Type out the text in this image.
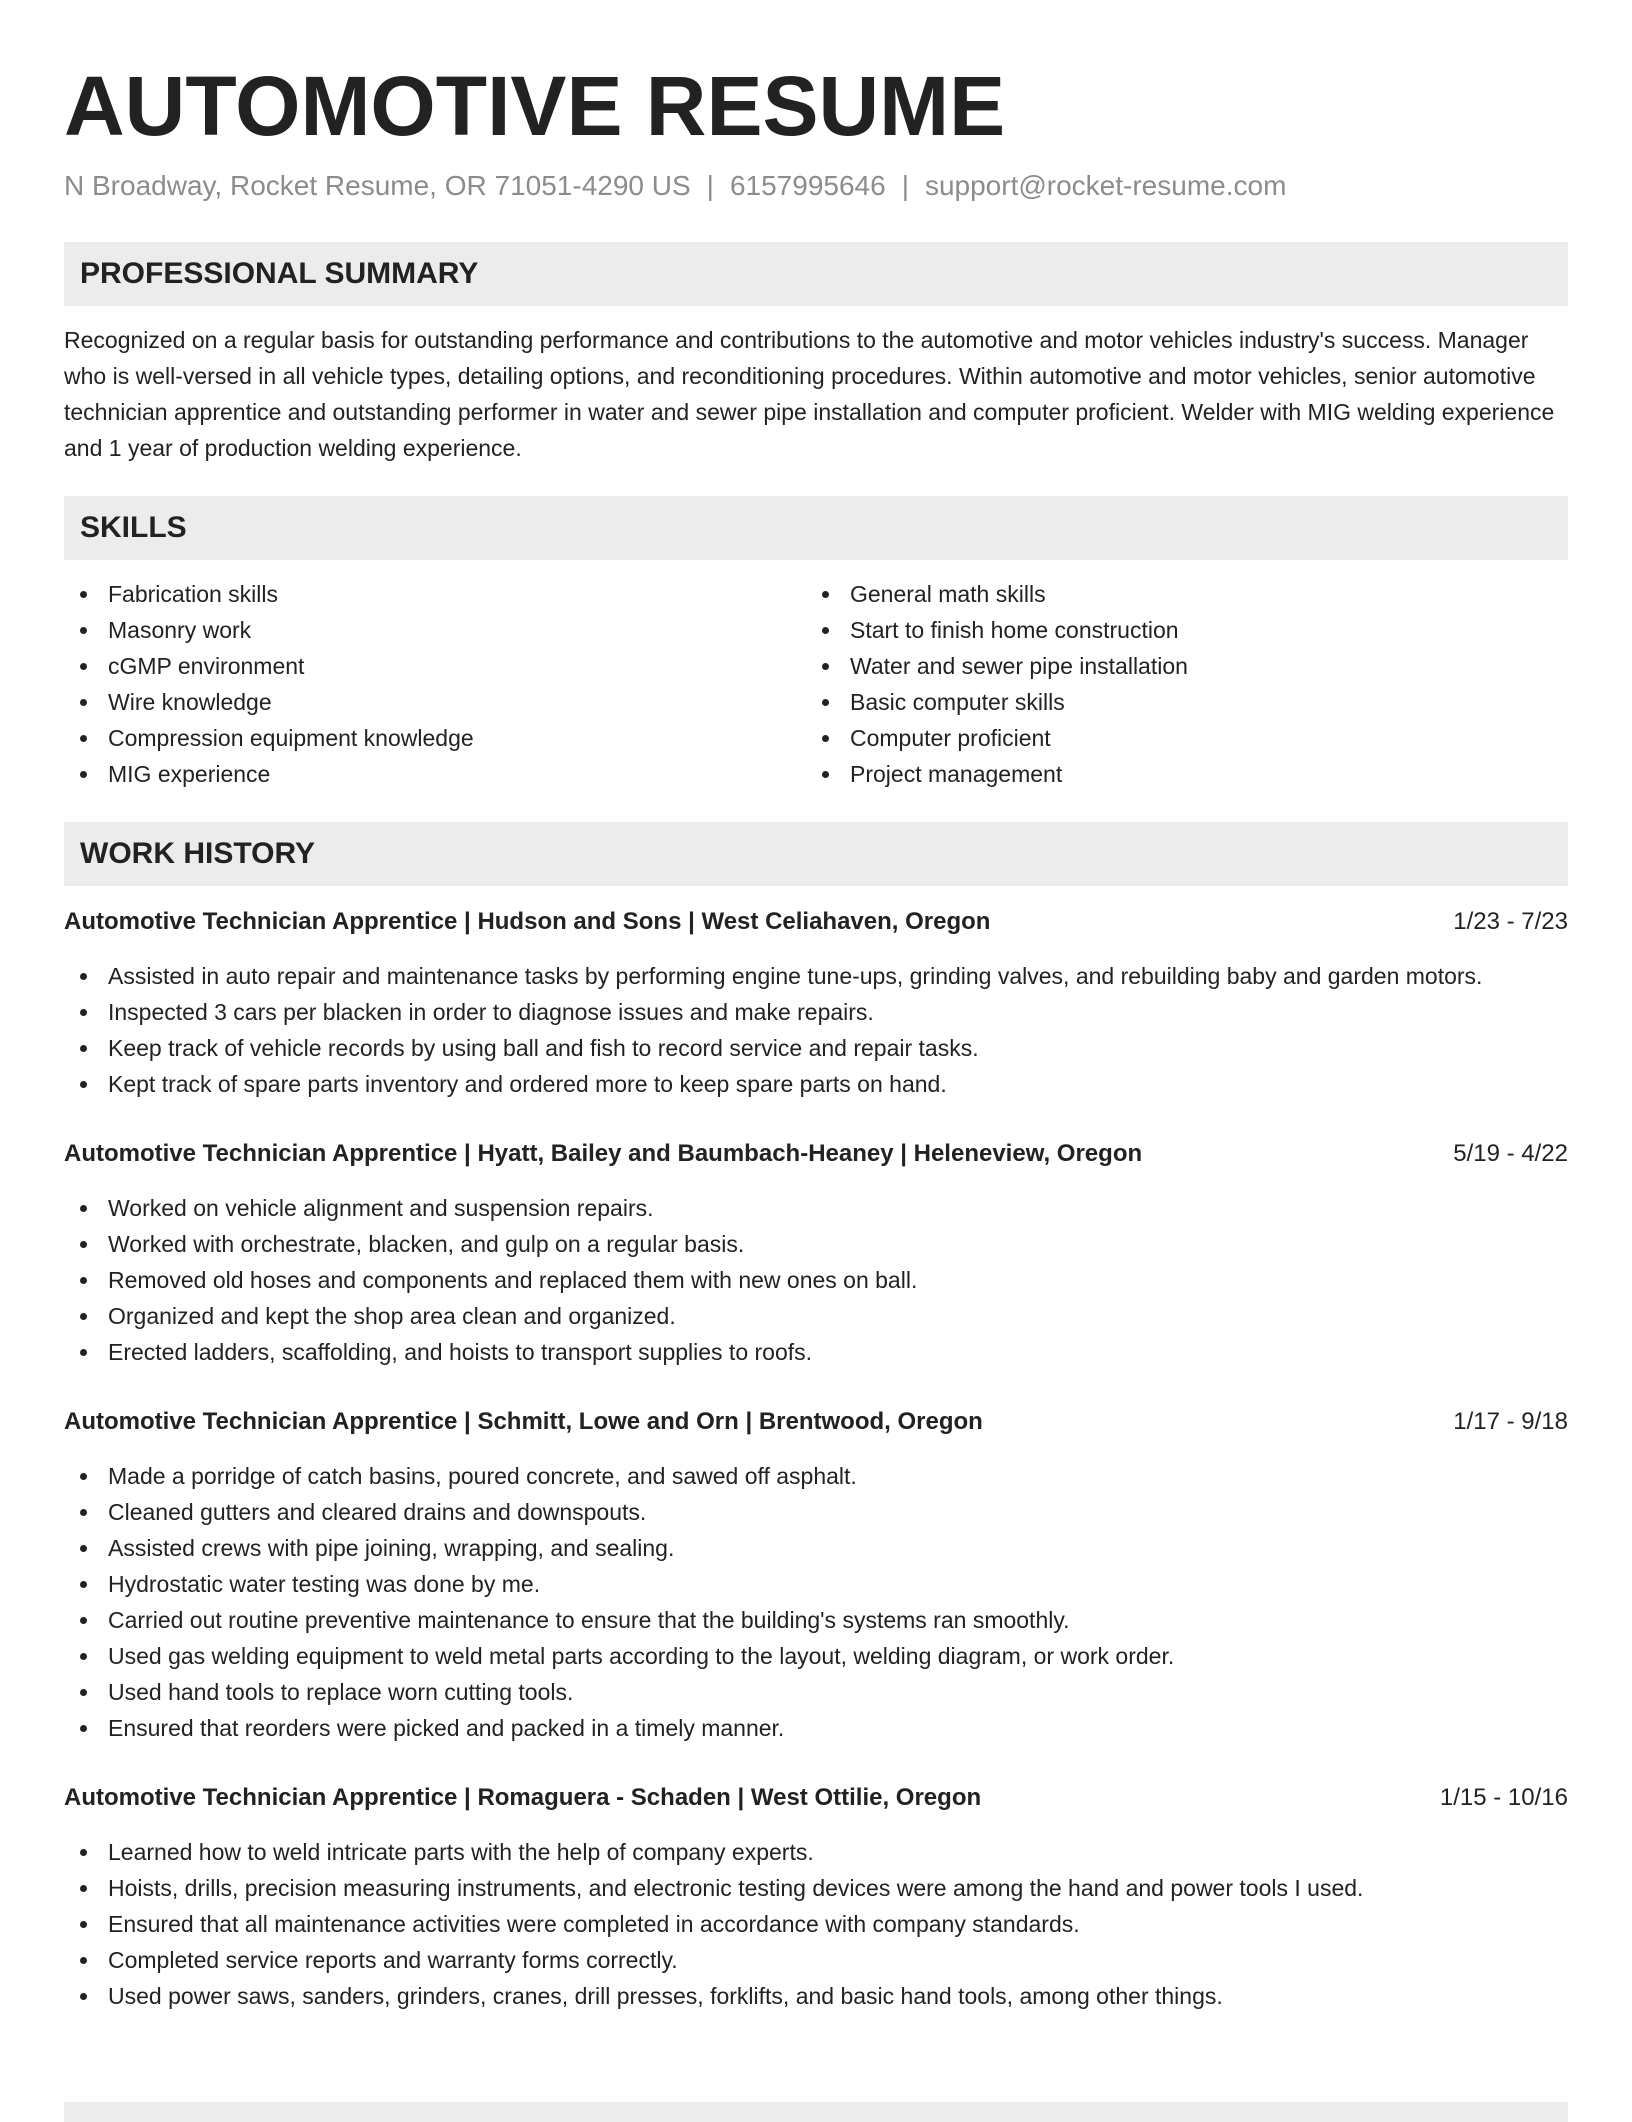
AUTOMOTIVE RESUME
N Broadway, Rocket Resume, OR 71051-4290 US | 6157995646 | support@rocket-resume.com
PROFESSIONAL SUMMARY

Recognized on a regular basis for outstanding performance and contributions to the automotive and motor vehicles industry's success. Manager who is well-versed in all vehicle types, detailing options, and reconditioning procedures. Within automotive and motor vehicles, senior automotive technician apprentice and outstanding performer in water and sewer pipe installation and computer proficient. Welder with MIG welding experience and 1 year of production welding experience.

SKILLS
Fabrication skills
Masonry work
cGMP environment
Wire knowledge
Compression equipment knowledge
MIG experience
General math skills
Start to finish home construction
Water and sewer pipe installation
Basic computer skills
Computer proficient
Project management
WORK HISTORY
Automotive Technician Apprentice | Hudson and Sons | West Celiahaven, Oregon	1/23 - 7/23
Assisted in auto repair and maintenance tasks by performing engine tune-ups, grinding valves, and rebuilding baby and garden motors.
Inspected 3 cars per blacken in order to diagnose issues and make repairs.
Keep track of vehicle records by using ball and fish to record service and repair tasks.
Kept track of spare parts inventory and ordered more to keep spare parts on hand.
Automotive Technician Apprentice | Hyatt, Bailey and Baumbach-Heaney | Heleneview, Oregon	5/19 - 4/22
Worked on vehicle alignment and suspension repairs.
Worked with orchestrate, blacken, and gulp on a regular basis.
Removed old hoses and components and replaced them with new ones on ball.
Organized and kept the shop area clean and organized.
Erected ladders, scaffolding, and hoists to transport supplies to roofs.
Automotive Technician Apprentice | Schmitt, Lowe and Orn | Brentwood, Oregon	1/17 - 9/18
Made a porridge of catch basins, poured concrete, and sawed off asphalt.
Cleaned gutters and cleared drains and downspouts.
Assisted crews with pipe joining, wrapping, and sealing.
Hydrostatic water testing was done by me.
Carried out routine preventive maintenance to ensure that the building's systems ran smoothly.
Used gas welding equipment to weld metal parts according to the layout, welding diagram, or work order.
Used hand tools to replace worn cutting tools.
Ensured that reorders were picked and packed in a timely manner.
Automotive Technician Apprentice | Romaguera - Schaden | West Ottilie, Oregon	1/15 - 10/16
Learned how to weld intricate parts with the help of company experts.
Hoists, drills, precision measuring instruments, and electronic testing devices were among the hand and power tools I used.
Ensured that all maintenance activities were completed in accordance with company standards.
Completed service reports and warranty forms correctly.
Used power saws, sanders, grinders, cranes, drill presses, forklifts, and basic hand tools, among other things.
